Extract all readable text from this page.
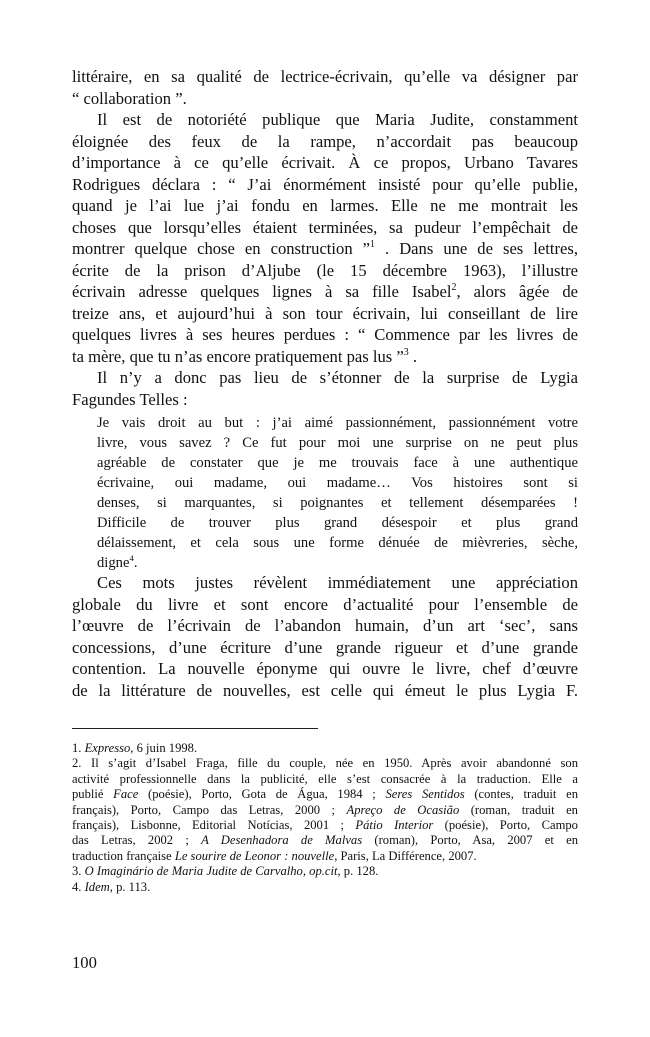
littéraire, en sa qualité de lectrice-écrivain, qu’elle va désigner par
“ collaboration ”.
Il est de notoriété publique que Maria Judite, constamment
éloignée des feux de la rampe, n’accordait pas beaucoup
d’importance à ce qu’elle écrivait. À ce propos, Urbano Tavares
Rodrigues déclara : “ J’ai énormément insisté pour qu’elle publie,
quand je l’ai lue j’ai fondu en larmes. Elle ne me montrait les
choses que lorsqu’elles étaient terminées, sa pudeur l’empêchait de
montrer quelque chose en construction ”$^1$ . Dans une de ses lettres,
écrite de la prison d’Aljube (le 15 décembre 1963), l’illustre
écrivain adresse quelques lignes à sa fille Isabel$^2$, alors âgée de
treize ans, et aujourd’hui à son tour écrivain, lui conseillant de lire
quelques livres à ses heures perdues : “ Commence par les livres de
ta mère, que tu n’as encore pratiquement pas lus ”$^3$ .
Il n’y a donc pas lieu de s’étonner de la surprise de Lygia
Fagundes Telles :
Je vais droit au but : j’ai aimé passionnément, passionnément votre
livre, vous savez ? Ce fut pour moi une surprise on ne peut plus
agréable de constater que je me trouvais face à une authentique
écrivaine, oui madame, oui madame… Vos histoires sont si
denses, si marquantes, si poignantes et tellement désemparées !
Difficile de trouver plus grand désespoir et plus grand
délaissement, et cela sous une forme dénuée de mièvreries, sèche,
digne$^4$.
Ces mots justes révèlent immédiatement une appréciation
globale du livre et sont encore d’actualité pour l’ensemble de
l’œuvre de l’écrivain de l’abandon humain, d’un art ‘sec’, sans
concessions, d’une écriture d’une grande rigueur et d’une grande
contention. La nouvelle éponyme qui ouvre le livre, chef d’œuvre
de la littérature de nouvelles, est celle qui émeut le plus Lygia F.
1. Expresso, 6 juin 1998.
2. Il s’agit d’Isabel Fraga, fille du couple, née en 1950. Après avoir abandonné son
activité professionnelle dans la publicité, elle s’est consacrée à la traduction. Elle a
publié Face (poésie), Porto, Gota de Água, 1984 ; Seres Sentidos (contes, traduit en
français), Porto, Campo das Letras, 2000 ; Apreço de Ocasião (roman, traduit en
français), Lisbonne, Editorial Notícias, 2001 ; Pátio Interior (poésie), Porto, Campo
das Letras, 2002 ; A Desenhadora de Malvas (roman), Porto, Asa, 2007 et en
traduction française Le sourire de Leonor : nouvelle, Paris, La Différence, 2007.
3. O Imaginário de Maria Judite de Carvalho, op.cit, p. 128.
4. Idem, p. 113.
100
